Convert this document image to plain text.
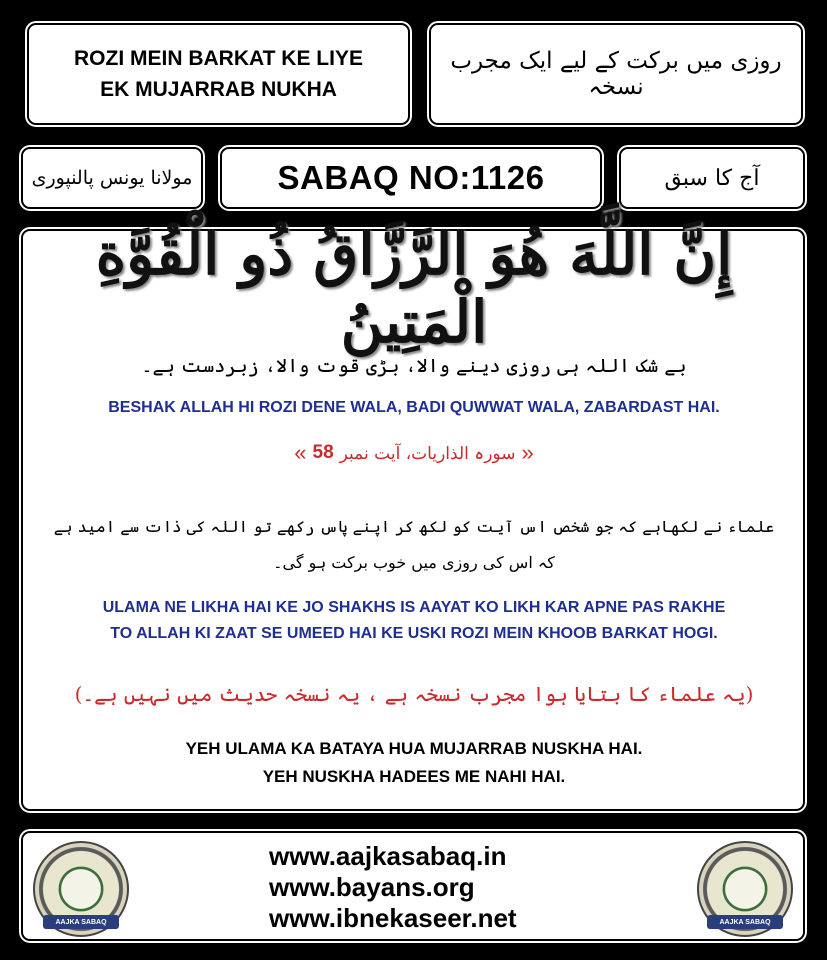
ROZI MEIN BARKAT KE LIYE
EK MUJARRAB NUKHA
روزی میں برکت کے لیے ایک مجرب نسخہ
مولانا یونس پالنپوری	SABAQ NO:1126	آج کا سبق
إِنَّ اللَّهَ هُوَ الرَّزَّاقُ ذُو الْقُوَّةِ الْمَتِينُ
بے شک اللہ ہی روزی دینے والا، بڑی قوت والا، زبردست ہے۔
BESHAK ALLAH HI ROZI DENE WALA, BADI QUWWAT WALA, ZABARDAST HAI.
« 58 سورہ الذاریات، آیت نمبر »
علماء نے لکھاہے کہ جو شخص اس آیت کو لکھ کر اپنے پاس رکھے تو اللہ کی ذات سے امید ہے
کہ اس کی روزی میں خوب برکت ہو گی۔
ULAMA NE LIKHA HAI KE JO SHAKHS IS AAYAT KO LIKH KAR APNE PAS RAKHE
TO ALLAH KI ZAAT SE UMEED HAI KE USKI ROZI MEIN KHOOB BARKAT HOGI.
(یہ علماء کا بتایا ہوا مجرب نسخہ ہے ، یہ نسخہ حدیث میں نہیں ہے۔)
YEH ULAMA KA BATAYA HUA MUJARRAB NUSKHA HAI.
YEH NUSKHA HADEES ME NAHI HAI.
AAJKA SABAQ
www.aajkasabaq.in
www.bayans.org
www.ibnekaseer.net	AAJKA SABAQ
